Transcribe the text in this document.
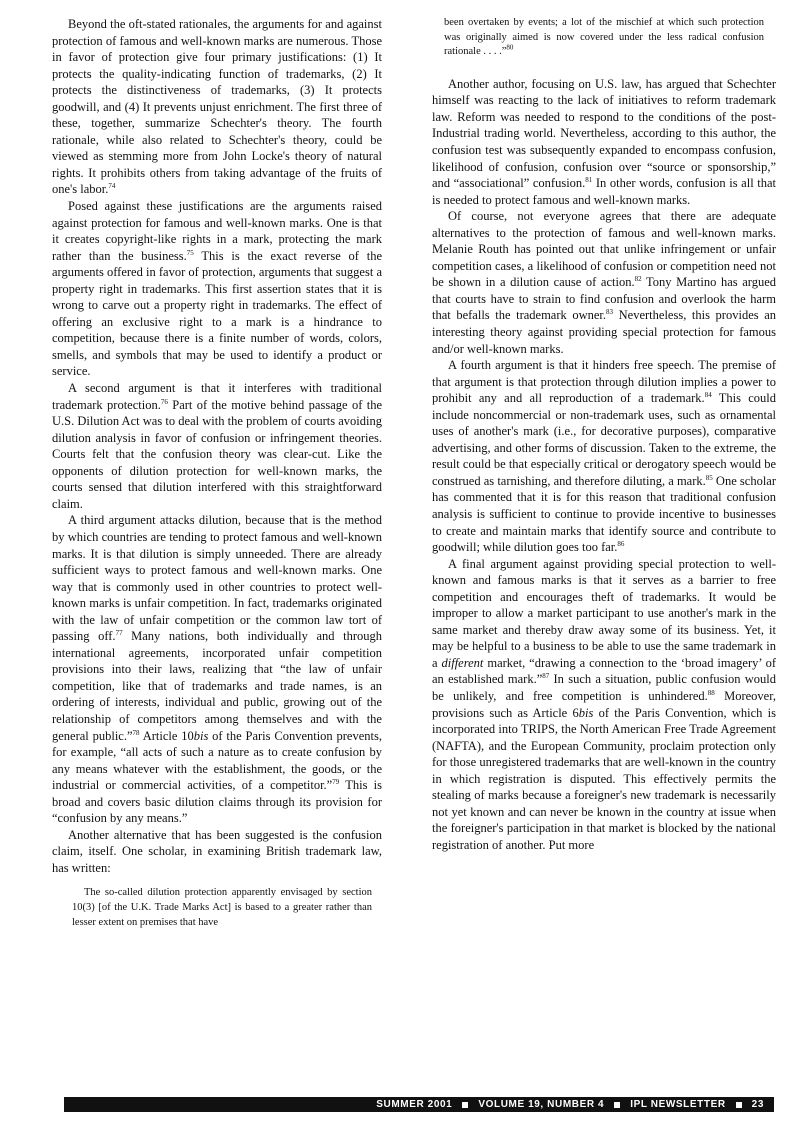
Beyond the oft-stated rationales, the arguments for and against protection of famous and well-known marks are numerous. Those in favor of protection give four primary justifications: (1) It protects the quality-indicating function of trademarks, (2) It protects the distinctiveness of trademarks, (3) It protects goodwill, and (4) It prevents unjust enrichment. The first three of these, together, summarize Schechter's theory. The fourth rationale, while also related to Schechter's theory, could be viewed as stemming more from John Locke's theory of natural rights. It prohibits others from taking advantage of the fruits of one's labor.$^{74}$

Posed against these justifications are the arguments raised against protection for famous and well-known marks. One is that it creates copyright-like rights in a mark, protecting the mark rather than the business.$^{75}$ This is the exact reverse of the arguments offered in favor of protection, arguments that suggest a property right in trademarks. This first assertion states that it is wrong to carve out a property right in trademarks. The effect of offering an exclusive right to a mark is a hindrance to competition, because there is a finite number of words, colors, smells, and symbols that may be used to identify a product or service.

A second argument is that it interferes with traditional trademark protection.$^{76}$ Part of the motive behind passage of the U.S. Dilution Act was to deal with the problem of courts avoiding dilution analysis in favor of confusion or infringement theories. Courts felt that the confusion theory was clear-cut. Like the opponents of dilution protection for well-known marks, the courts sensed that dilution interfered with this straightforward claim.

A third argument attacks dilution, because that is the method by which countries are tending to protect famous and well-known marks. It is that dilution is simply unneeded. There are already sufficient ways to protect famous and well-known marks. One way that is commonly used in other countries to protect well-known marks is unfair competition. In fact, trademarks originated with the law of unfair competition or the common law tort of passing off.$^{77}$ Many nations, both individually and through international agreements, incorporated unfair competition provisions into their laws, realizing that “the law of unfair competition, like that of trademarks and trade names, is an ordering of interests, individual and public, growing out of the relationship of competitors among themselves and with the general public.”$^{78}$ Article 10bis of the Paris Convention prevents, for example, “all acts of such a nature as to create confusion by any means whatever with the establishment, the goods, or the industrial or commercial activities, of a competitor.”$^{79}$ This is broad and covers basic dilution claims through its provision for “confusion by any means.”

Another alternative that has been suggested is the confusion claim, itself. One scholar, in examining British trademark law, has written:

The so-called dilution protection apparently envisaged by section 10(3) [of the U.K. Trade Marks Act] is based to a greater rather than lesser extent on premises that have

been overtaken by events; a lot of the mischief at which such protection was originally aimed is now covered under the less radical confusion rationale . . . .”$^{80}$

Another author, focusing on U.S. law, has argued that Schechter himself was reacting to the lack of initiatives to reform trademark law. Reform was needed to respond to the conditions of the post-Industrial trading world. Nevertheless, according to this author, the confusion test was subsequently expanded to encompass confusion, likelihood of confusion, confusion over “source or sponsorship,” and “associational” confusion.$^{81}$ In other words, confusion is all that is needed to protect famous and well-known marks.

Of course, not everyone agrees that there are adequate alternatives to the protection of famous and well-known marks. Melanie Routh has pointed out that unlike infringement or unfair competition cases, a likelihood of confusion or competition need not be shown in a dilution cause of action.$^{82}$ Tony Martino has argued that courts have to strain to find confusion and overlook the harm that befalls the trademark owner.$^{83}$ Nevertheless, this provides an interesting theory against providing special protection for famous and/or well-known marks.

A fourth argument is that it hinders free speech. The premise of that argument is that protection through dilution implies a power to prohibit any and all reproduction of a trademark.$^{84}$ This could include noncommercial or non-trademark uses, such as ornamental uses of another's mark (i.e., for decorative purposes), comparative advertising, and other forms of discussion. Taken to the extreme, the result could be that especially critical or derogatory speech would be construed as tarnishing, and therefore diluting, a mark.$^{85}$ One scholar has commented that it is for this reason that traditional confusion analysis is sufficient to continue to provide incentive to businesses to create and maintain marks that identify source and contribute to goodwill; while dilution goes too far.$^{86}$

A final argument against providing special protection to well-known and famous marks is that it serves as a barrier to free competition and encourages theft of trademarks. It would be improper to allow a market participant to use another's mark in the same market and thereby draw away some of its business. Yet, it may be helpful to a business to be able to use the same trademark in a different market, “drawing a connection to the ‘broad imagery’ of an established mark.”$^{87}$ In such a situation, public confusion would be unlikely, and free competition is unhindered.$^{88}$ Moreover, provisions such as Article 6bis of the Paris Convention, which is incorporated into TRIPS, the North American Free Trade Agreement (NAFTA), and the European Community, proclaim protection only for those unregistered trademarks that are well-known in the country in which registration is disputed. This effectively permits the stealing of marks because a foreigner's new trademark is necessarily not yet known and can never be known in the country at issue when the foreigner's participation in that market is blocked by the national registration of another. Put more

SUMMER 2001	VOLUME 19, NUMBER 4	IPL NEWSLETTER	23
